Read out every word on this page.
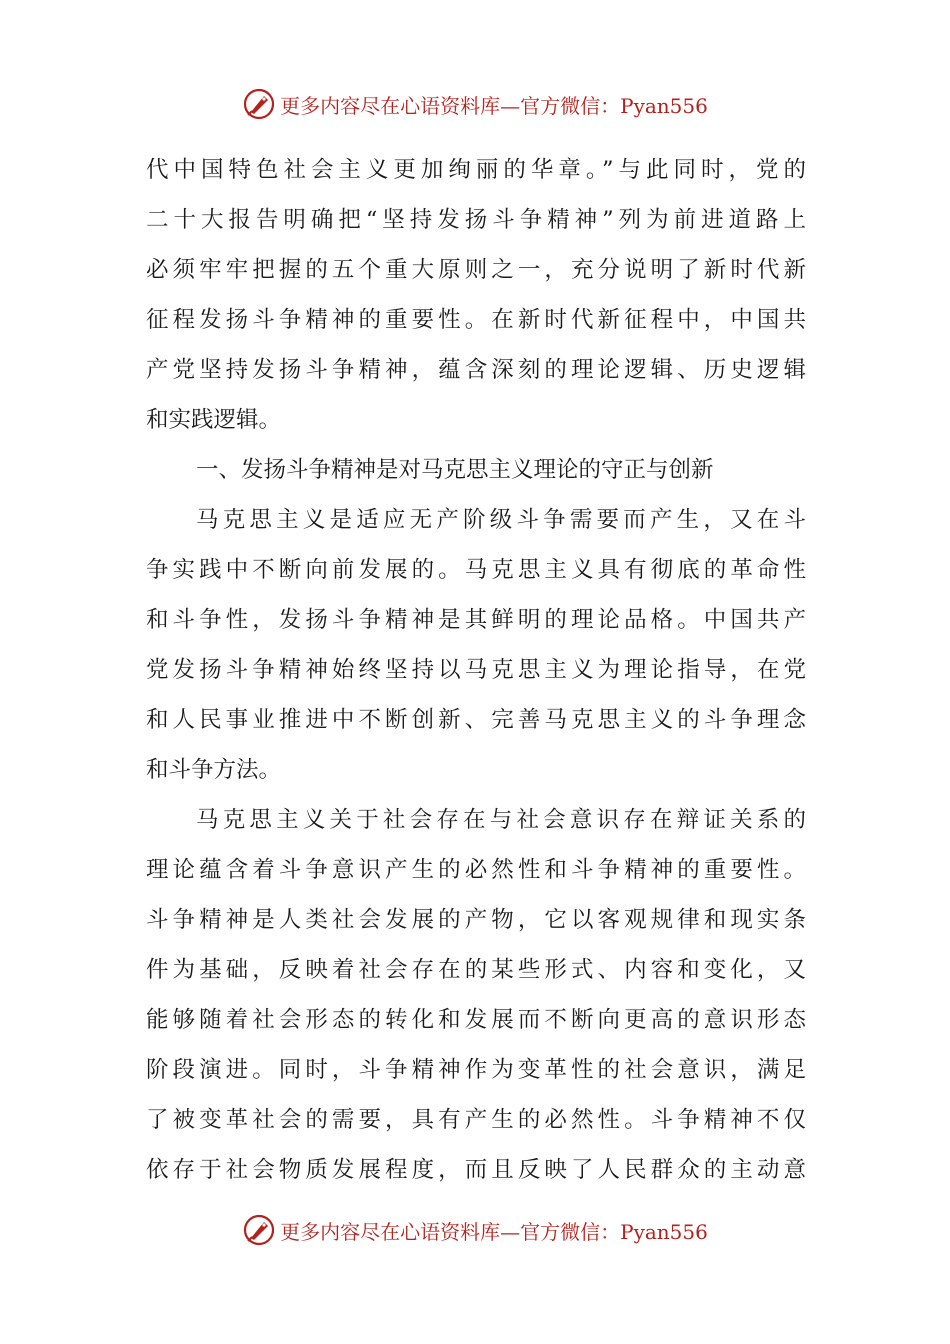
更多内容尽在心语资料库—官方微信：Pyan556
代中国特色社会主义更加绚丽的华章。”与此同时，党的
二十大报告明确把“坚持发扬斗争精神”列为前进道路上
必须牢牢把握的五个重大原则之一，充分说明了新时代新
征程发扬斗争精神的重要性。在新时代新征程中，中国共
产党坚持发扬斗争精神，蕴含深刻的理论逻辑、历史逻辑
和实践逻辑。
一、发扬斗争精神是对马克思主义理论的守正与创新
马克思主义是适应无产阶级斗争需要而产生，又在斗
争实践中不断向前发展的。马克思主义具有彻底的革命性
和斗争性，发扬斗争精神是其鲜明的理论品格。中国共产
党发扬斗争精神始终坚持以马克思主义为理论指导，在党
和人民事业推进中不断创新、完善马克思主义的斗争理念
和斗争方法。
马克思主义关于社会存在与社会意识存在辩证关系的
理论蕴含着斗争意识产生的必然性和斗争精神的重要性。
斗争精神是人类社会发展的产物，它以客观规律和现实条
件为基础，反映着社会存在的某些形式、内容和变化，又
能够随着社会形态的转化和发展而不断向更高的意识形态
阶段演进。同时，斗争精神作为变革性的社会意识，满足
了被变革社会的需要，具有产生的必然性。斗争精神不仅
依存于社会物质发展程度，而且反映了人民群众的主动意
更多内容尽在心语资料库—官方微信：Pyan556
